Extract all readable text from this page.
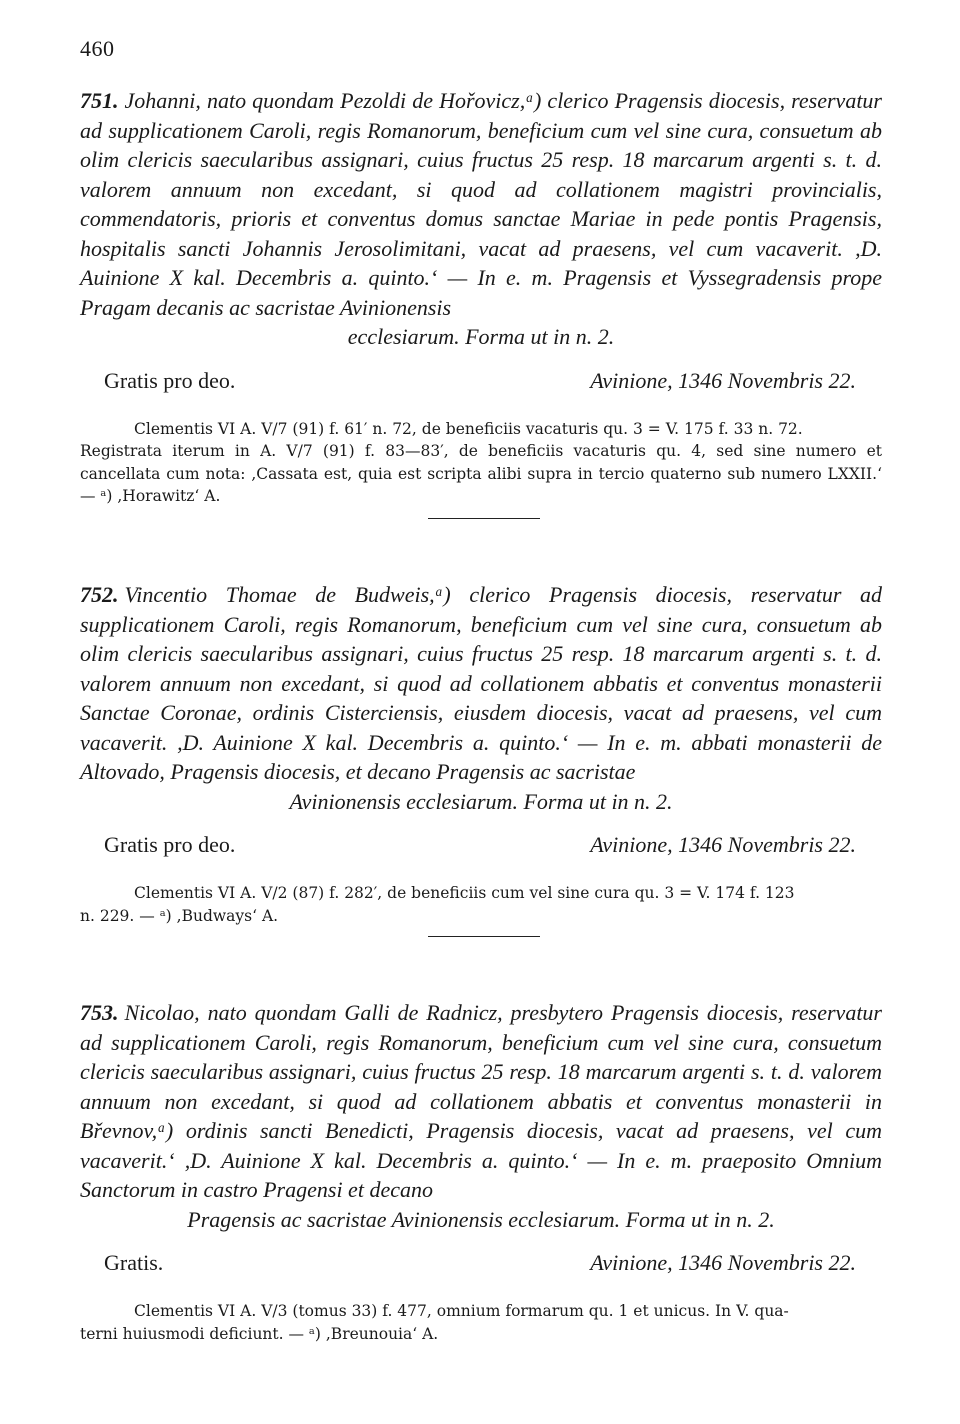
460

751. Johanni, nato quondam Pezoldi de Hořovicz,ᵃ) clerico Pragensis diocesis, reservatur ad supplicationem Caroli, regis Romanorum, beneficium cum vel sine cura, consuetum ab olim clericis saecularibus assignari, cuius fructus 25 resp. 18 marcarum argenti s. t. d. valorem annuum non excedant, si quod ad collationem magistri provincialis, commendatoris, prioris et conventus domus sanctae Mariae in pede pontis Pragensis, hospitalis sancti Johannis Jerosolimitani, vacat ad praesens, vel cum vacaverit. ,D. Auinione X kal. Decembris a. quinto.‘ — In e. m. Pragensis et Vyssegradensis prope Pragam decanis ac sacristae Avinionensis

ecclesiarum. Forma ut in n. 2.

Gratis pro deo.	Avinione, 1346 Novembris 22.

Clementis VI A. V/7 (91) f. 61′ n. 72, de beneficiis vacaturis qu. 3 = V. 175 f. 33 n. 72.
Registrata iterum in A. V/7 (91) f. 83—83′, de beneficiis vacaturis qu. 4, sed sine numero et cancellata cum nota: ,Cassata est, quia est scripta alibi supra in tercio quaterno sub numero LXXII.‘ — ᵃ) ,Horawitz‘ A.

752. Vincentio Thomae de Budweis,ᵃ) clerico Pragensis diocesis, reservatur ad supplicationem Caroli, regis Romanorum, beneficium cum vel sine cura, consuetum ab olim clericis saecularibus assignari, cuius fructus 25 resp. 18 marcarum argenti s. t. d. valorem annuum non excedant, si quod ad collationem abbatis et conventus monasterii Sanctae Coronae, ordinis Cisterciensis, eiusdem diocesis, vacat ad praesens, vel cum vacaverit. ,D. Auinione X kal. Decembris a. quinto.‘ — In e. m. abbati monasterii de Altovado, Pragensis diocesis, et decano Pragensis ac sacristae

Avinionensis ecclesiarum. Forma ut in n. 2.

Gratis pro deo.	Avinione, 1346 Novembris 22.

Clementis VI A. V/2 (87) f. 282′, de beneficiis cum vel sine cura qu. 3 = V. 174 f. 123
n. 229. — ᵃ) ,Budways‘ A.

753. Nicolao, nato quondam Galli de Radnicz, presbytero Pragensis diocesis, reservatur ad supplicationem Caroli, regis Romanorum, beneficium cum vel sine cura, consuetum clericis saecularibus assignari, cuius fructus 25 resp. 18 marcarum argenti s. t. d. valorem annuum non excedant, si quod ad collationem abbatis et conventus monasterii in Břevnov,ᵃ) ordinis sancti Benedicti, Pragensis diocesis, vacat ad praesens, vel cum vacaverit.‘ ,D. Auinione X kal. Decembris a. quinto.‘ — In e. m. praeposito Omnium Sanctorum in castro Pragensi et decano

Pragensis ac sacristae Avinionensis ecclesiarum. Forma ut in n. 2.

Gratis.	Avinione, 1346 Novembris 22.

Clementis VI A. V/3 (tomus 33) f. 477, omnium formarum qu. 1 et unicus. In V. qua-
terni huiusmodi deficiunt. — ᵃ) ,Breunouia‘ A.
